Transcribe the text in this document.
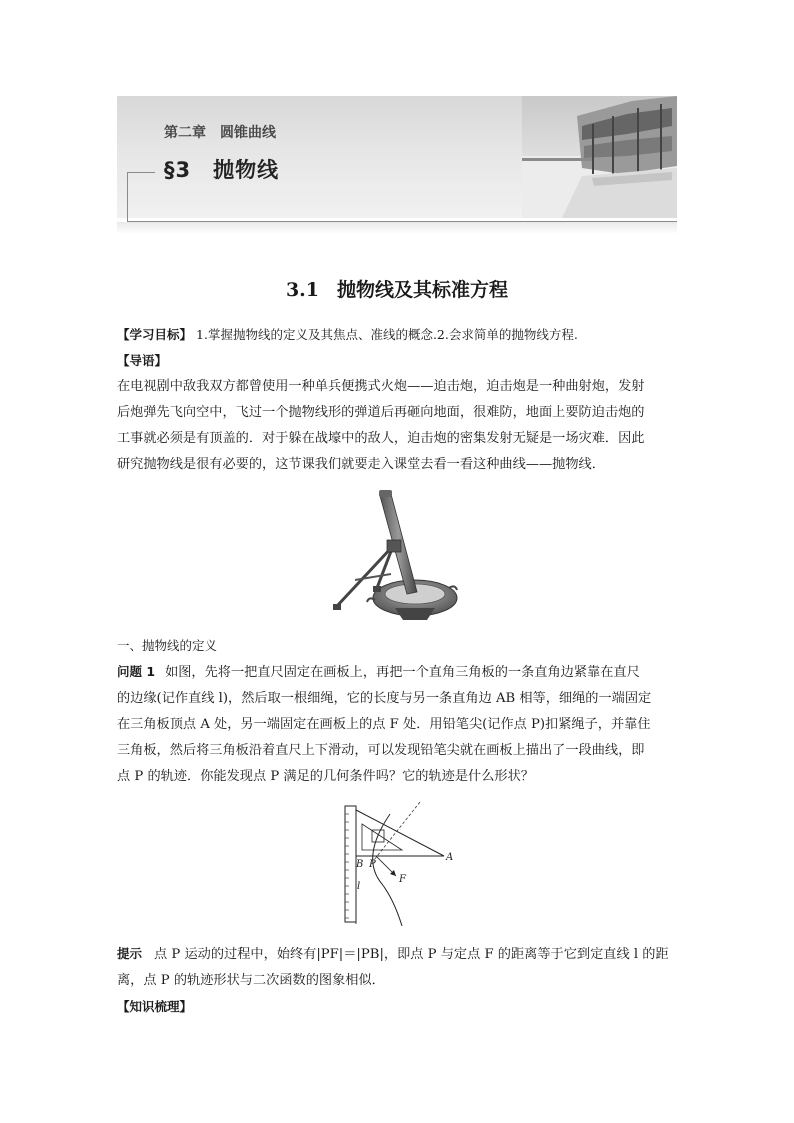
第二章　圆锥曲线
§3　抛物线
3.1 抛物线及其标准方程
【学习目标】 1.掌握抛物线的定义及其焦点、准线的概念.2.会求简单的抛物线方程.
【导语】
在电视剧中敌我双方都曾使用一种单兵便携式火炮——迫击炮，迫击炮是一种曲射炮，发射
后炮弹先飞向空中，飞过一个抛物线形的弹道后再砸向地面，很难防，地面上要防迫击炮的
工事就必须是有顶盖的．对于躲在战壕中的敌人，迫击炮的密集发射无疑是一场灾难．因此
研究抛物线是很有必要的，这节课我们就要走入课堂去看一看这种曲线——抛物线．
一、抛物线的定义
问题 1 如图，先将一把直尺固定在画板上，再把一个直角三角板的一条直角边紧靠在直尺
的边缘(记作直线 l)，然后取一根细绳，它的长度与另一条直角边 AB 相等，细绳的一端固定
在三角板顶点 A 处，另一端固定在画板上的点 F 处．用铅笔尖(记作点 P)扣紧绳子，并靠住
三角板，然后将三角板沿着直尺上下滑动，可以发现铅笔尖就在画板上描出了一段曲线，即
点 P 的轨迹．你能发现点 P 满足的几何条件吗？它的轨迹是什么形状？
B P
A
F
l
提示 点 P 运动的过程中，始终有|PF|＝|PB|，即点 P 与定点 F 的距离等于它到定直线 l 的距
离，点 P 的轨迹形状与二次函数的图象相似．
【知识梳理】
